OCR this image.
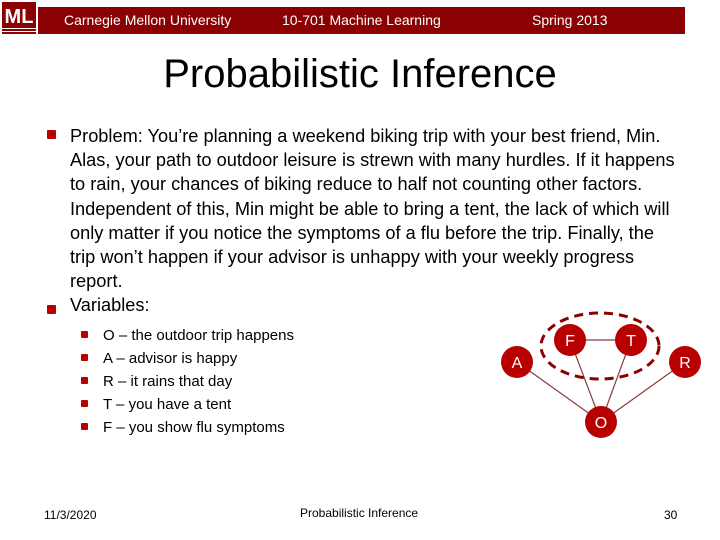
ML Carnegie Mellon University	10-701 Machine Learning	Spring 2013
Probabilistic Inference
Problem: You’re planning a weekend biking trip with your best friend, Min. Alas, your path to outdoor leisure is strewn with many hurdles. If it happens to rain, your chances of biking reduce to half not counting other factors. Independent of this, Min might be able to bring a tent, the lack of which will only matter if you notice the symptoms of a flu before the trip. Finally, the trip won’t happen if your advisor is unhappy with your weekly progress report.
Variables:
O – the outdoor trip happens
A – advisor is happy
R – it rains that day
T – you have a tent
F – you show flu symptoms
F	T
A	R
O
11/3/2020	Probabilistic Inference	30
